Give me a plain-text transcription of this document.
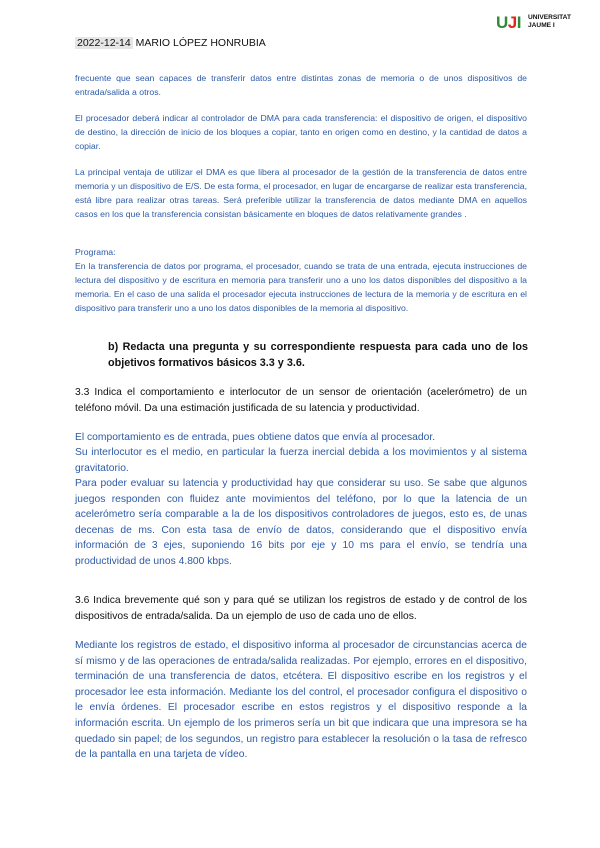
2022-12-14 MARIO LÓPEZ HONRUBIA
UJI UNIVERSITAT
JAUME I

frecuente que sean capaces de transferir datos entre distintas zonas de memoria o de unos dispositivos de entrada/salida a otros.

El procesador deberá indicar al controlador de DMA para cada transferencia: el dispositivo de origen, el dispositivo de destino, la dirección de inicio de los bloques a copiar, tanto en origen como en destino, y la cantidad de datos a copiar.

La principal ventaja de utilizar el DMA es que libera al procesador de la gestión de la transferencia de datos entre memoria y un dispositivo de E/S. De esta forma, el procesador, en lugar de encargarse de realizar esta transferencia, está libre para realizar otras tareas. Será preferible utilizar la transferencia de datos mediante DMA en aquellos casos en los que la transferencia consistan básicamente en bloques de datos relativamente grandes .

Programa:

En la transferencia de datos por programa, el procesador, cuando se trata de una entrada, ejecuta instrucciones de lectura del dispositivo y de escritura en memoria para transferir uno a uno los datos disponibles del dispositivo a la memoria. En el caso de una salida el procesador ejecuta instrucciones de lectura de la memoria y de escritura en el dispositivo para transferir uno a uno los datos disponibles de la memoria al dispositivo.

b) Redacta una pregunta y su correspondiente respuesta para cada uno de los objetivos formativos básicos 3.3 y 3.6.

3.3 Indica el comportamiento e interlocutor de un sensor de orientación (acelerómetro) de un teléfono móvil. Da una estimación justificada de su latencia y productividad.

El comportamiento es de entrada, pues obtiene datos que envía al procesador.

Su interlocutor es el medio, en particular la fuerza inercial debida a los movimientos y al sistema gravitatorio.

Para poder evaluar su latencia y productividad hay que considerar su uso. Se sabe que algunos juegos responden con fluidez ante movimientos del teléfono, por lo que la latencia de un acelerómetro sería comparable a la de los dispositivos controladores de juegos, esto es, de unas decenas de ms. Con esta tasa de envío de datos, considerando que el dispositivo envía información de 3 ejes, suponiendo 16 bits por eje y 10 ms para el envío, se tendría una productividad de unos 4.800 kbps.

3.6 Indica brevemente qué son y para qué se utilizan los registros de estado y de control de los dispositivos de entrada/salida. Da un ejemplo de uso de cada uno de ellos.

Mediante los registros de estado, el dispositivo informa al procesador de circunstancias acerca de sí mismo y de las operaciones de entrada/salida realizadas. Por ejemplo, errores en el dispositivo, terminación de una transferencia de datos, etcétera. El dispositivo escribe en los registros y el procesador lee esta información. Mediante los del control, el procesador configura el dispositivo o le envía órdenes. El procesador escribe en estos registros y el dispositivo responde a la información escrita. Un ejemplo de los primeros sería un bit que indicara que una impresora se ha quedado sin papel; de los segundos, un registro para establecer la resolución o la tasa de refresco de la pantalla en una tarjeta de vídeo.
